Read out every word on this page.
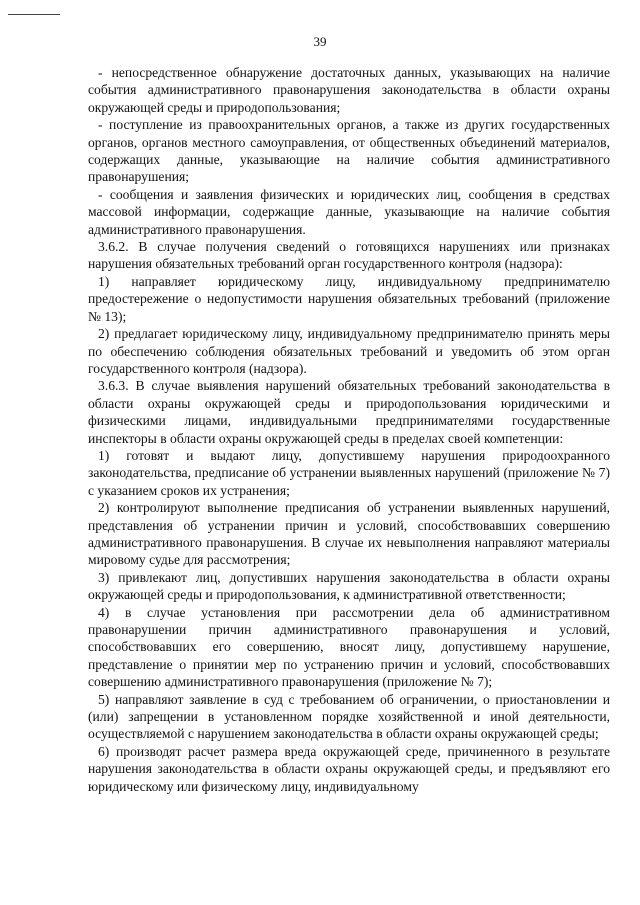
39

- непосредственное обнаружение достаточных данных, указывающих на наличие события административного правонарушения законодательства в области охраны окружающей среды и природопользования;

- поступление из правоохранительных органов, а также из других государственных органов, органов местного самоуправления, от общественных объединений материалов, содержащих данные, указывающие на наличие события административного правонарушения;

- сообщения и заявления физических и юридических лиц, сообщения в средствах массовой информации, содержащие данные, указывающие на наличие события административного правонарушения.

3.6.2. В случае получения сведений о готовящихся нарушениях или признаках нарушения обязательных требований орган государственного контроля (надзора):

1) направляет юридическому лицу, индивидуальному предпринимателю предостережение о недопустимости нарушения обязательных требований (приложение № 13);

2) предлагает юридическому лицу, индивидуальному предпринимателю принять меры по обеспечению соблюдения обязательных требований и уведомить об этом орган государственного контроля (надзора).

3.6.3. В случае выявления нарушений обязательных требований законодательства в области охраны окружающей среды и природопользования юридическими и физическими лицами, индивидуальными предпринимателями государственные инспекторы в области охраны окружающей среды в пределах своей компетенции:

1) готовят и выдают лицу, допустившему нарушения природоохранного законодательства, предписание об устранении выявленных нарушений (приложение № 7) с указанием сроков их устранения;

2) контролируют выполнение предписания об устранении выявленных нарушений, представления об устранении причин и условий, способствовавших совершению административного правонарушения. В случае их невыполнения направляют материалы мировому судье для рассмотрения;

3) привлекают лиц, допустивших нарушения законодательства в области охраны окружающей среды и природопользования, к административной ответственности;

4) в случае установления при рассмотрении дела об административном правонарушении причин административного правонарушения и условий, способствовавших его совершению, вносят лицу, допустившему нарушение, представление о принятии мер по устранению причин и условий, способствовавших совершению административного правонарушения (приложение № 7);

5) направляют заявление в суд с требованием об ограничении, о приостановлении и (или) запрещении в установленном порядке хозяйственной и иной деятельности, осуществляемой с нарушением законодательства в области охраны окружающей среды;

6) производят расчет размера вреда окружающей среде, причиненного в результате нарушения законодательства в области охраны окружающей среды, и предъявляют его юридическому или физическому лицу, индивидуальному
